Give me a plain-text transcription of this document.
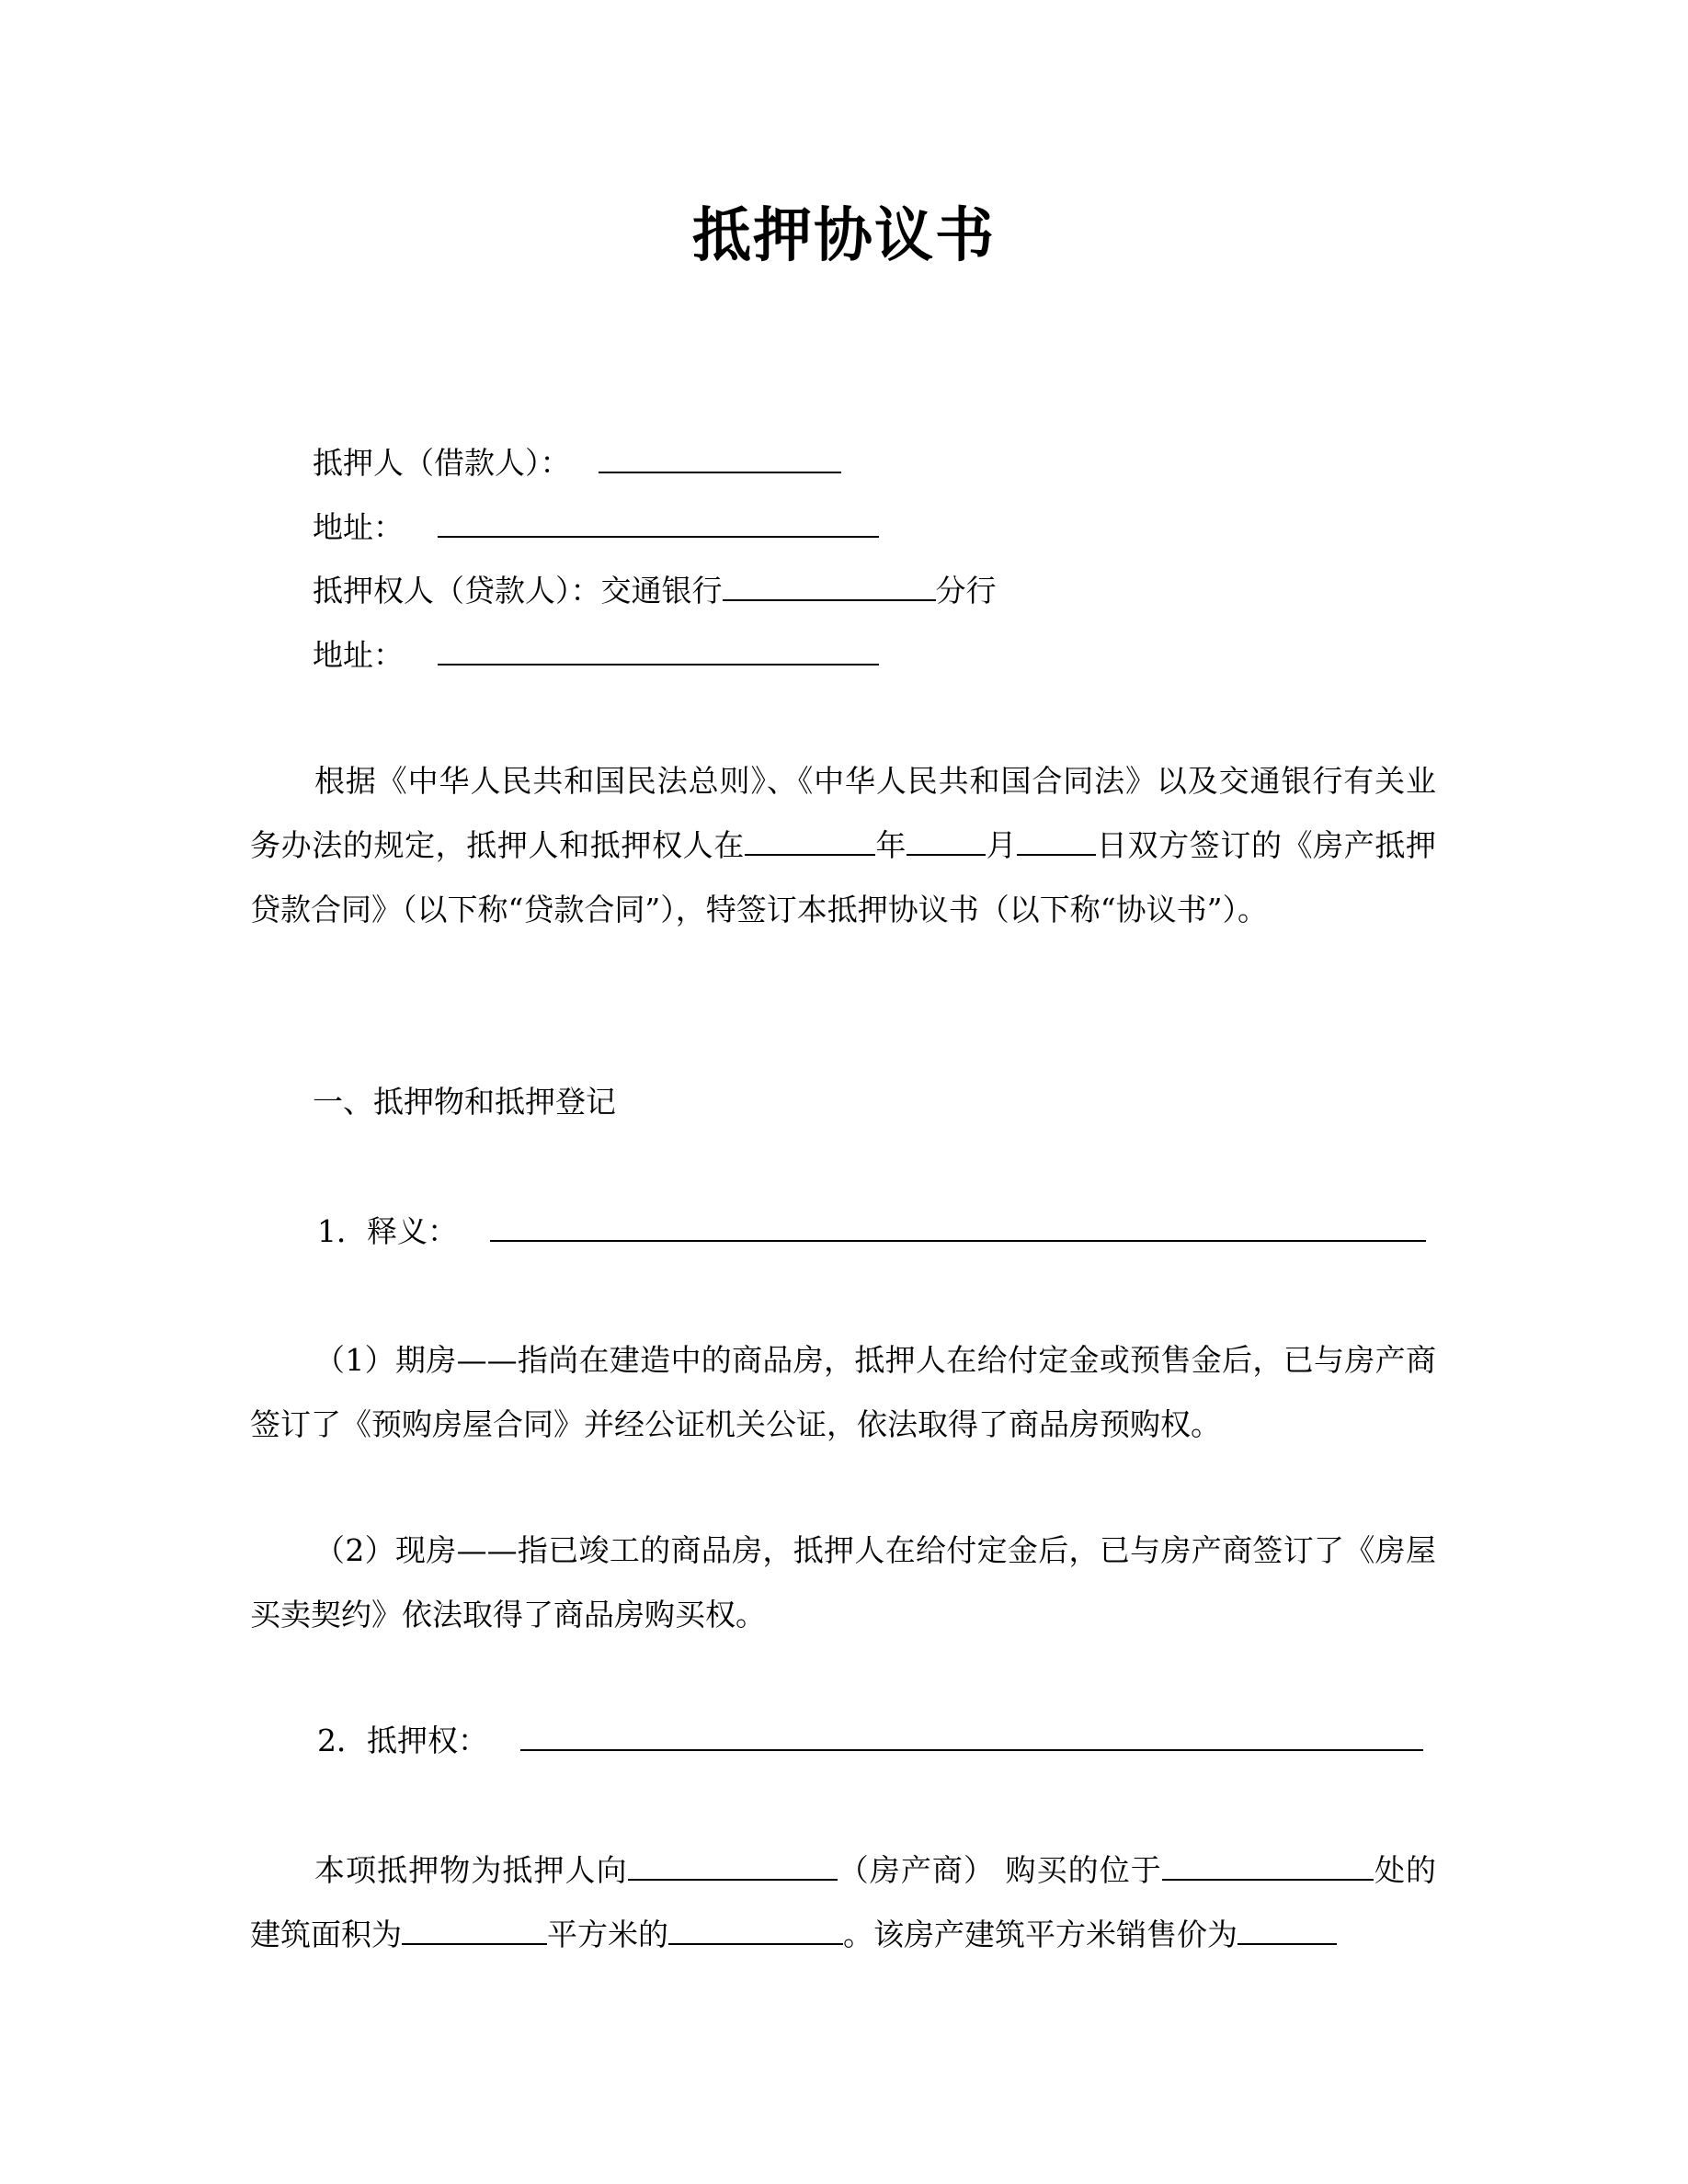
抵押协议书
抵押人（借款人）：
地址：
抵押权人（贷款人）：交通银行	分行
地址：
根据《中华人民共和国民法总则》、《中华人民共和国合同法》以及交通银行有关业务办法的规定，抵押人和抵押权人在	年	月	日双方签订的《房产抵押贷款合同》（以下称“贷款合同”），特签订本抵押协议书（以下称“协议书”）。
一、抵押物和抵押登记
1．释义：
（1）期房——指尚在建造中的商品房，抵押人在给付定金或预售金后，已与房产商签订了《预购房屋合同》并经公证机关公证，依法取得了商品房预购权。
（2）现房——指已竣工的商品房，抵押人在给付定金后，已与房产商签订了《房屋买卖契约》依法取得了商品房购买权。
2．抵押权：
本项抵押物为抵押人向	（房产商） 购买的位于	处的建筑面积为	平方米的	。该房产建筑平方米销售价为
